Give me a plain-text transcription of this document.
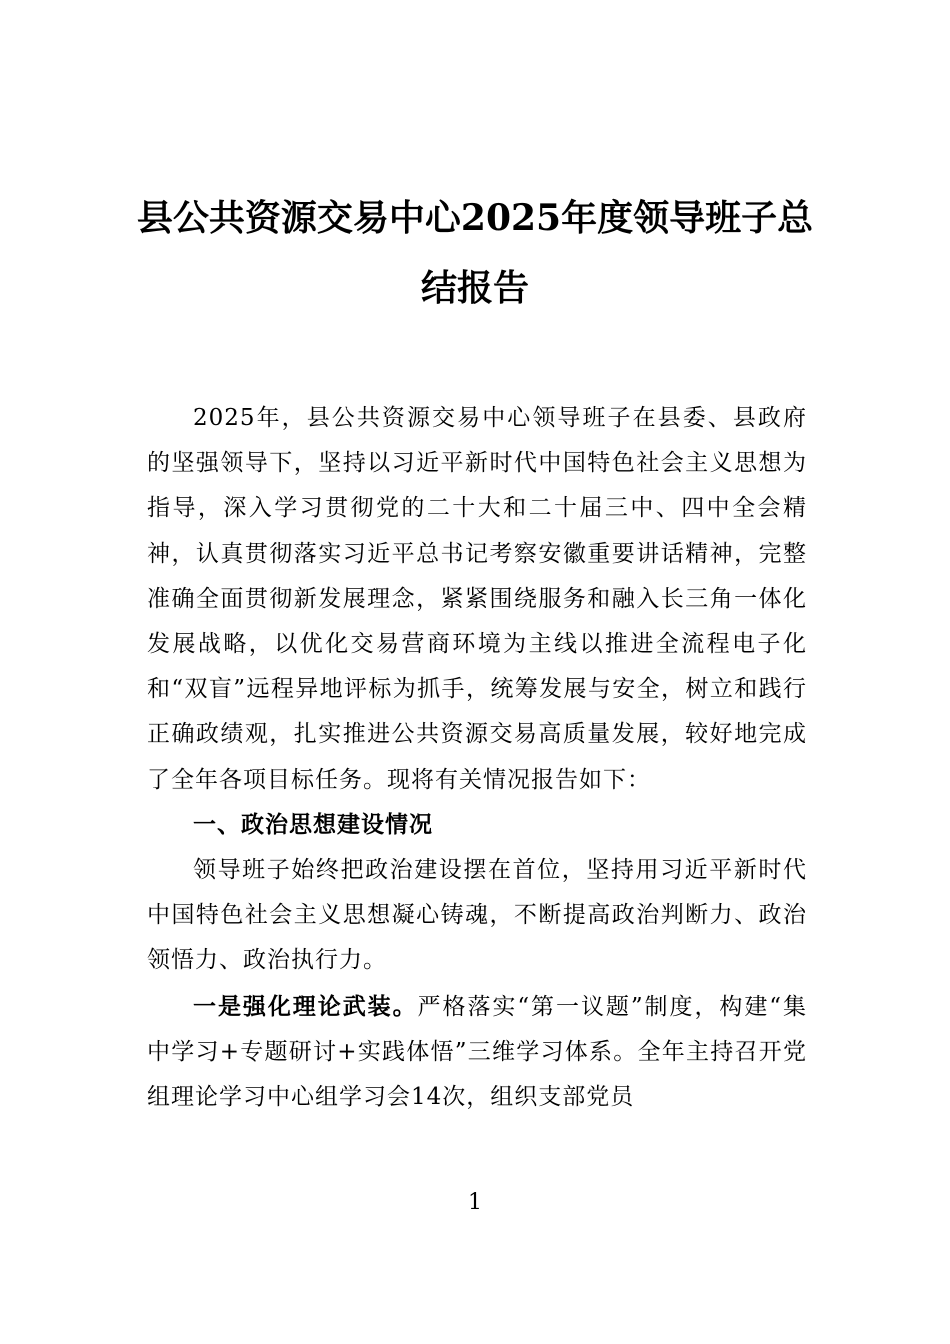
县公共资源交易中心2025年度领导班子总
结报告

2025年，县公共资源交易中心领导班子在县委、县政府的坚强领导下，坚持以习近平新时代中国特色社会主义思想为指导，深入学习贯彻党的二十大和二十届三中、四中全会精神，认真贯彻落实习近平总书记考察安徽重要讲话精神，完整准确全面贯彻新发展理念，紧紧围绕服务和融入长三角一体化发展战略，以优化交易营商环境为主线以推进全流程电子化和“双盲”远程异地评标为抓手，统筹发展与安全，树立和践行正确政绩观，扎实推进公共资源交易高质量发展，较好地完成了全年各项目标任务。现将有关情况报告如下：

一、政治思想建设情况

领导班子始终把政治建设摆在首位，坚持用习近平新时代中国特色社会主义思想凝心铸魂，不断提高政治判断力、政治领悟力、政治执行力。

一是强化理论武装。严格落实“第一议题”制度，构建“集中学习+专题研讨+实践体悟”三维学习体系。全年主持召开党组理论学习中心组学习会14次，组织支部党员

1
